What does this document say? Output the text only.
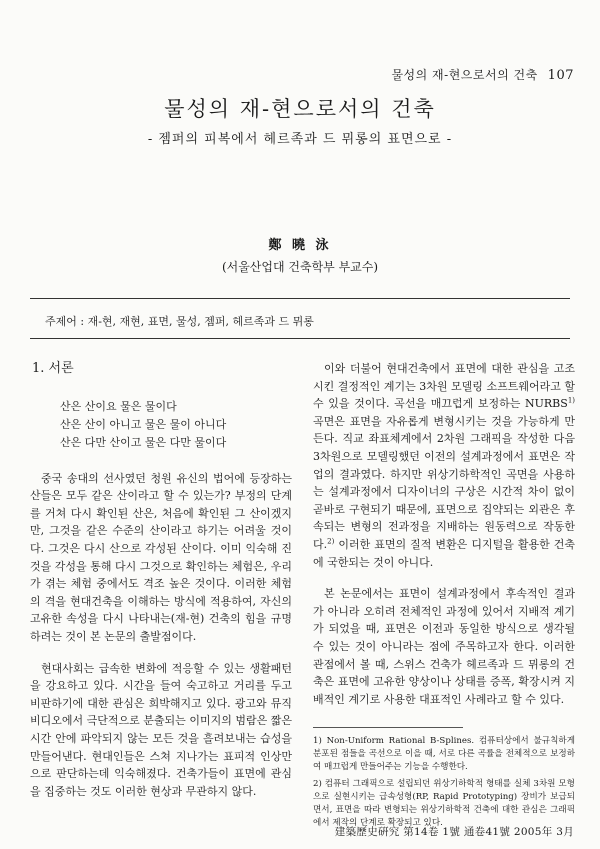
물성의 재-현으로서의 건축 107
물성의 재-현으로서의 건축
- 젬퍼의 피복에서 헤르족과 드 뮈롱의 표면으로 -
鄭 曉 泳
(서울산업대 건축학부 부교수)
주제어 : 재-현, 재현, 표면, 물성, 젬퍼, 헤르족과 드 뮈롱
1. 서론
산은 산이요 물은 물이다
산은 산이 아니고 물은 물이 아니다
산은 다만 산이고 물은 다만 물이다
중국 송대의 선사였던 청원 유신의 법어에 등장하는 산들은 모두 같은 산이라고 할 수 있는가? 부정의 단계를 거쳐 다시 확인된 산은, 처음에 확인된 그 산이겠지만, 그것을 같은 수준의 산이라고 하기는 어려울 것이다. 그것은 다시 산으로 각성된 산이다. 이미 익숙해 진 것을 각성을 통해 다시 그것으로 확인하는 체험은, 우리가 겪는 체험 중에서도 격조 높은 것이다. 이러한 체험의 격을 현대건축을 이해하는 방식에 적용하여, 자신의 고유한 속성을 다시 나타내는(재-현) 건축의 힘을 규명하려는 것이 본 논문의 출발점이다.
현대사회는 급속한 변화에 적응할 수 있는 생활패턴을 강요하고 있다. 시간을 들여 숙고하고 거리를 두고 비판하기에 대한 관심은 희박해지고 있다. 광고와 뮤직 비디오에서 극단적으로 분출되는 이미지의 범람은 짧은 시간 안에 파악되지 않는 모든 것을 흘려보내는 습성을 만들어낸다. 현대인들은 스쳐 지나가는 표피적 인상만으로 판단하는데 익숙해졌다. 건축가들이 표면에 관심을 집중하는 것도 이러한 현상과 무관하지 않다.
이와 더불어 현대건축에서 표면에 대한 관심을 고조시킨 결정적인 계기는 3차원 모델링 소프트웨어라고 할 수 있을 것이다. 곡선을 매끄럽게 보정하는 NURBS$^{1)}$ 곡면은 표면을 자유롭게 변형시키는 것을 가능하게 만든다. 직교 좌표체계에서 2차원 그래픽을 작성한 다음 3차원으로 모델링했던 이전의 설계과정에서 표면은 작업의 결과였다. 하지만 위상기하학적인 곡면을 사용하는 설계과정에서 디자이너의 구상은 시간적 차이 없이 곧바로 구현되기 때문에, 표면으로 집약되는 외관은 후속되는 변형의 전과정을 지배하는 원동력으로 작동한다.$^{2)}$ 이러한 표면의 질적 변환은 디지털을 활용한 건축에 국한되는 것이 아니다.
본 논문에서는 표면이 설계과정에서 후속적인 결과가 아니라 오히려 전체적인 과정에 있어서 지배적 계기가 되었을 때, 표면은 이전과 동일한 방식으로 생각될 수 있는 것이 아니라는 점에 주목하고자 한다. 이러한 관점에서 볼 때, 스위스 건축가 헤르족과 드 뮈롱의 건축은 표면에 고유한 양상이나 상태를 증폭, 확장시켜 지배적인 계기로 사용한 대표적인 사례라고 할 수 있다.
1) Non-Uniform Rational B-Splines. 컴퓨터상에서 불규칙하게 분포된 점들을 곡선으로 이을 때, 서로 다른 곡률을 전체적으로 보정하여 매끄럽게 만들어주는 기능을 수행한다.
2) 컴퓨터 그래픽으로 설립되던 위상기하학적 형태를 실체 3차원 모형으로 실현시키는 급속성형(RP, Rapid Prototyping) 장비가 보급되면서, 표면을 따라 변형되는 위상기하학적 건축에 대한 관심은 그래픽에서 제작의 단계로 확장되고 있다.
建築歷史硏究 第14卷 1號 通卷41號 2005年 3月
